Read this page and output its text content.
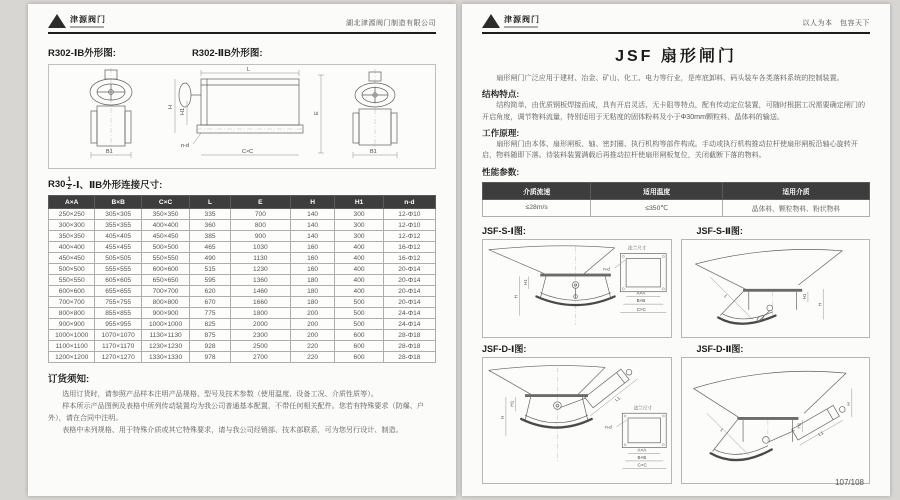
津源阀门	湖北津源阀门制造有限公司
R302-ⅠB外形图:	R302-ⅡB外形图:
B1
L
H1
H
n-d
C×C
E
B1
$R30 \frac{1}{2}$ -Ⅰ、ⅡB外形连接尺寸:
A×A	B×B	C×C	L	E	H	H1	n-d
250×250	305×305	350×350	335	700	140	300	12-Φ10
300×300	355×355	400×400	360	800	140	300	12-Φ10
350×350	405×405	450×450	385	900	140	300	12-Φ12
400×400	455×455	500×500	465	1030	160	400	16-Φ12
450×450	505×505	550×550	490	1130	160	400	16-Φ12
500×500	555×555	600×600	515	1230	160	400	20-Φ14
550×550	605×605	650×650	595	1360	180	400	20-Φ14
600×600	655×655	700×700	620	1460	180	400	20-Φ14
700×700	755×755	800×800	670	1660	180	500	20-Φ14
800×800	855×855	900×900	775	1800	200	500	24-Φ14
900×900	955×955	1000×1000	825	2000	200	500	24-Φ14
1000×1000	1070×1070	1130×1130	875	2300	200	600	28-Φ18
1100×1100	1170×1170	1230×1230	928	2500	220	600	28-Φ18
1200×1200	1270×1270	1330×1330	978	2700	220	600	28-Φ18
订货须知:

选用订货时，请参照产品样本注明产品规格、型号及技术参数（使用温度、设备工况、介质性质等）。

样本所示产品图例及表格中所列传动装置均为我公司普通基本配置，不带任何相关配件。您若有特殊要求（防爆、户外），请在合同中注明。

表格中未列规格、用于特殊介质或其它特殊要求，请与我公司经销部、技术部联系，可为您另行设计、制造。

津源阀门	以人为本　包容天下
JSF 扇形闸门

扇形闸门广泛应用于建材、冶金、矿山、化工、电力等行业，是库底卸料、码头装车各类落料系统的控制装置。

结构特点:

结构简单，由优质钢板焊接而成，具有开启灵活、无卡阻等特点，配有传动定位装置，可随时根据工况需要确定闸门的开启角度，调节物料流量，特别适用于无粘度的固体粉料及小于Φ30mm颗粒料、晶体料的输送。

工作原理:

扇形闸门由本体、扇形闸板、轴、密封圈、执行机构等部件构成。手动或执行机构推动拉杆使扇形闸板沿轴心旋转开启，物料随即下落。待装料装置满载后再推动拉杆使扇形闸板复位，关闭截断下落的物料。

性能参数:
介质流速	适用温度	适用介质
≤28m/s	≤350℃	晶体料、颗粒物料、粉状物料
JSF-S-Ⅰ图:
H1
H
法兰尺寸
n-d
A×A
B×B
C×C
JSF-S-Ⅱ图:
L	H1
H
JSF-D-Ⅰ图:
L1
H1
H
法兰尺寸
n-d
A×A
B×B
C×C
JSF-D-Ⅱ图:
L
H1
L1
H
107/108
